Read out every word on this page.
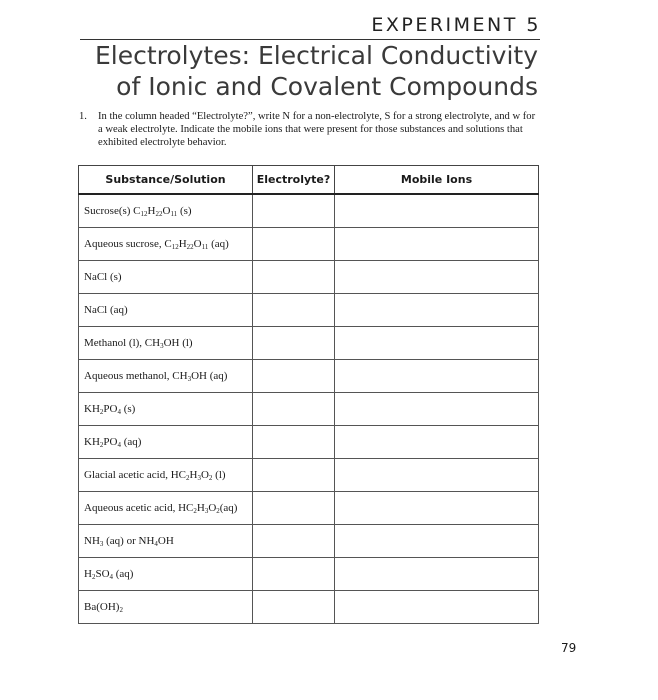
EXPERIMENT 5
Electrolytes: Electrical Conductivity
of Ionic and Covalent Compounds
1.	In the column headed “Electrolyte?”, write N for a non-electrolyte, S for a strong electrolyte, and w for a weak electrolyte. Indicate the mobile ions that were present for those substances and solutions that exhibited electrolyte behavior.
Substance/Solution	Electrolyte?	Mobile Ions
Sucrose(s) $C_{12}H_{22}O_{11}$ (s)		
Aqueous sucrose, $C_{12}H_{22}O_{11}$ (aq)		
NaCl (s)		
NaCl (aq)		
Methanol (l), $CH_3OH$ (l)		
Aqueous methanol, $CH_3OH$ (aq)		
$KH_2PO_4$ (s)		
$KH_2PO_4$ (aq)		
Glacial acetic acid, $HC_2H_3O_2$ (l)		
Aqueous acetic acid, $HC_2H_3O_2(aq)$		
$NH_3$ (aq) or $NH_4OH$		
$H_2SO_4$ (aq)		
$Ba(OH)_2$		
79
